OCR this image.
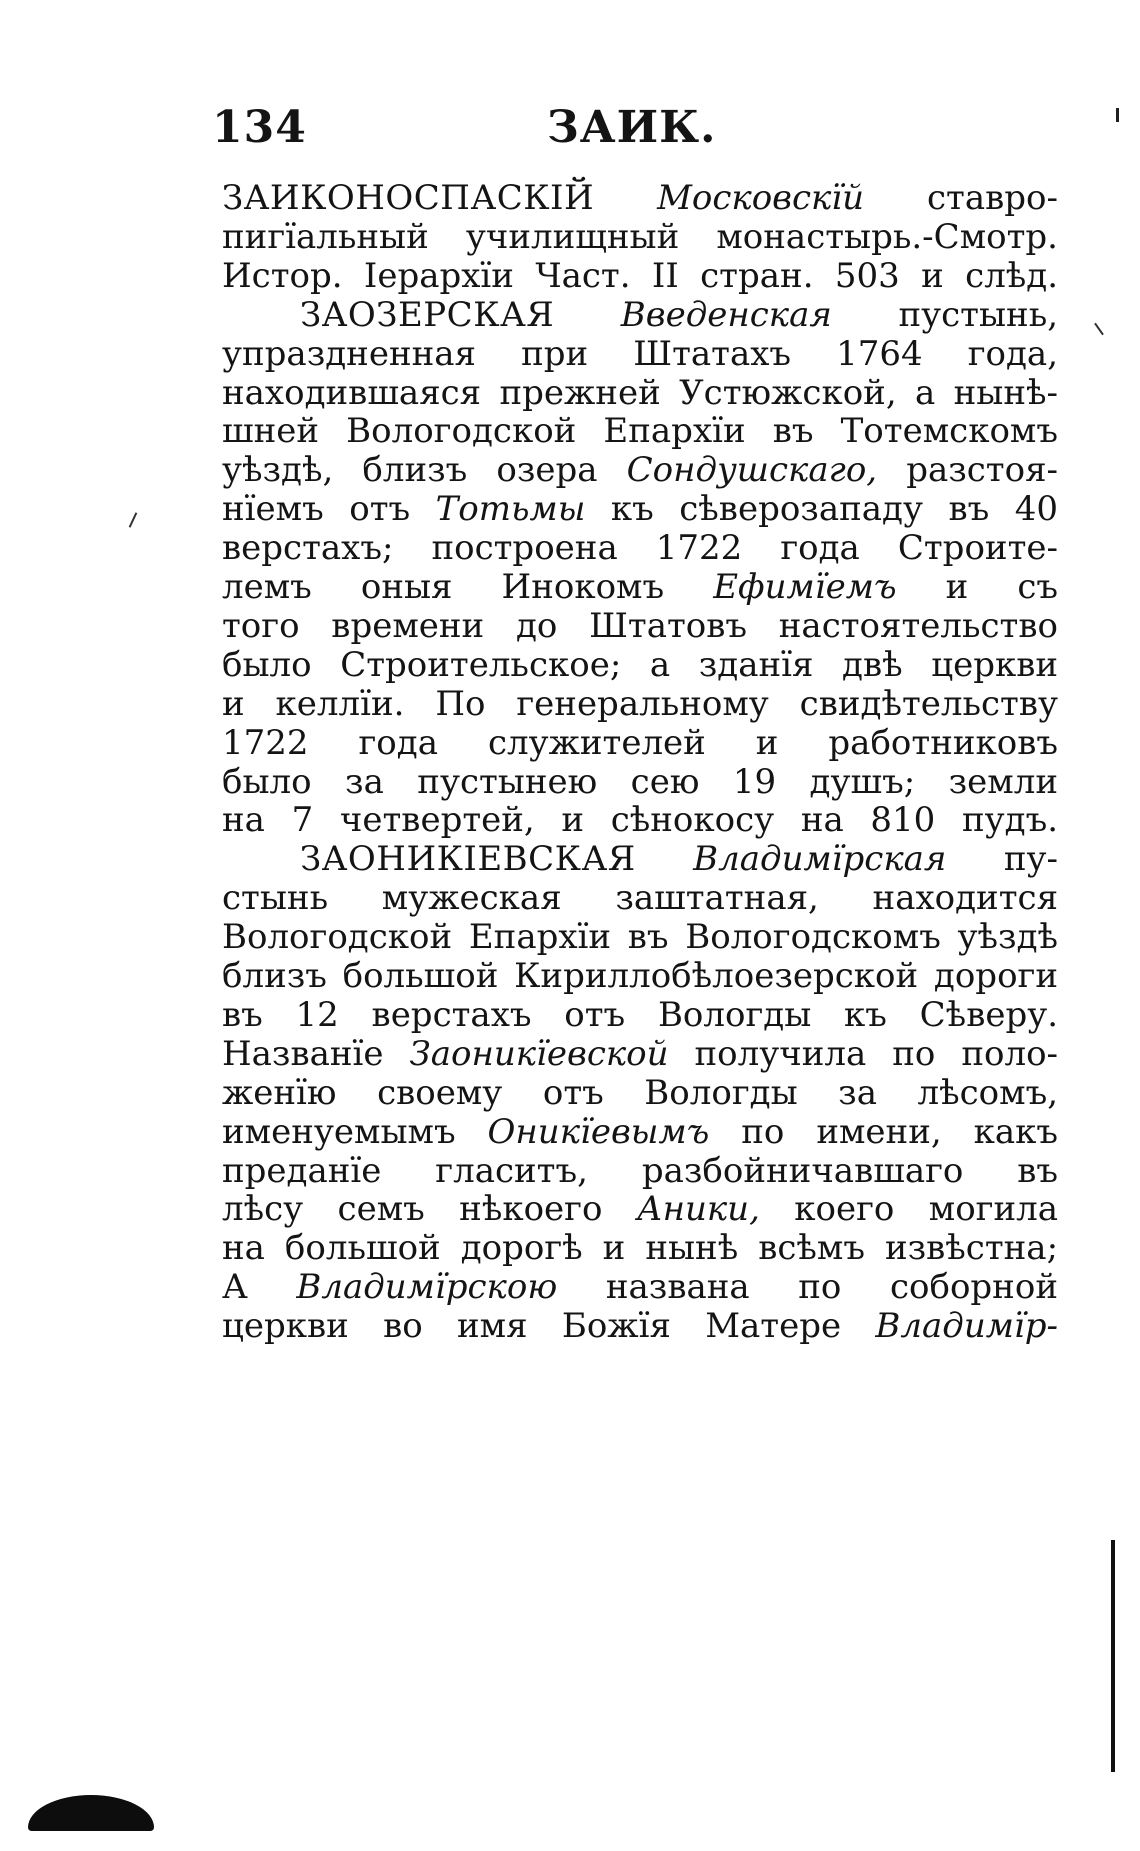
134	ЗАИК.
ЗАИКОНОСПАСКІЙ Московскїй ставро-
пигїальный училищный монастырь.-Смотр.
Истор. Іерархїи Част. II стран. 503 и слѣд.
ЗАОЗЕРСКАЯ Введенская пустынь,
упраздненная при Штатахъ 1764 года,
находившаяся прежней Устюжской, а нынѣ-
шней Вологодской Епархїи въ Тотемскомъ
уѣздѣ, близъ озера Сондушскаго, разстоя-
нїемъ отъ Тотьмы къ сѣверозападу въ 40
верстахъ; построена 1722 года Строите-
лемъ оныя Инокомъ Ефимїемъ и съ
того времени до Штатовъ настоятельство
было Строительское; а зданїя двѣ церкви
и келлїи. По генеральному свидѣтельству
1722 года служителей и работниковъ
было за пустынею сею 19 душъ; земли
на 7 четвертей, и сѣнокосу на 810 пудъ.
ЗАОНИКІЕВСКАЯ Владимїрская пу-
стынь мужеская заштатная, находится
Вологодской Епархїи въ Вологодскомъ уѣздѣ
близъ большой Кириллобѣлоезерской дороги
въ 12 верстахъ отъ Вологды къ Сѣверу.
Названїе Заоникїевской получила по поло-
женїю своему отъ Вологды за лѣсомъ,
именуемымъ Оникїевымъ по имени, какъ
преданїе гласитъ, разбойничавшаго въ
лѣсу семъ нѣкоего Аники, коего могила
на большой дорогѣ и нынѣ всѣмъ извѣстна;
А Владимїрскою названа по соборной
церкви во имя Божїя Матере Владимїр-
